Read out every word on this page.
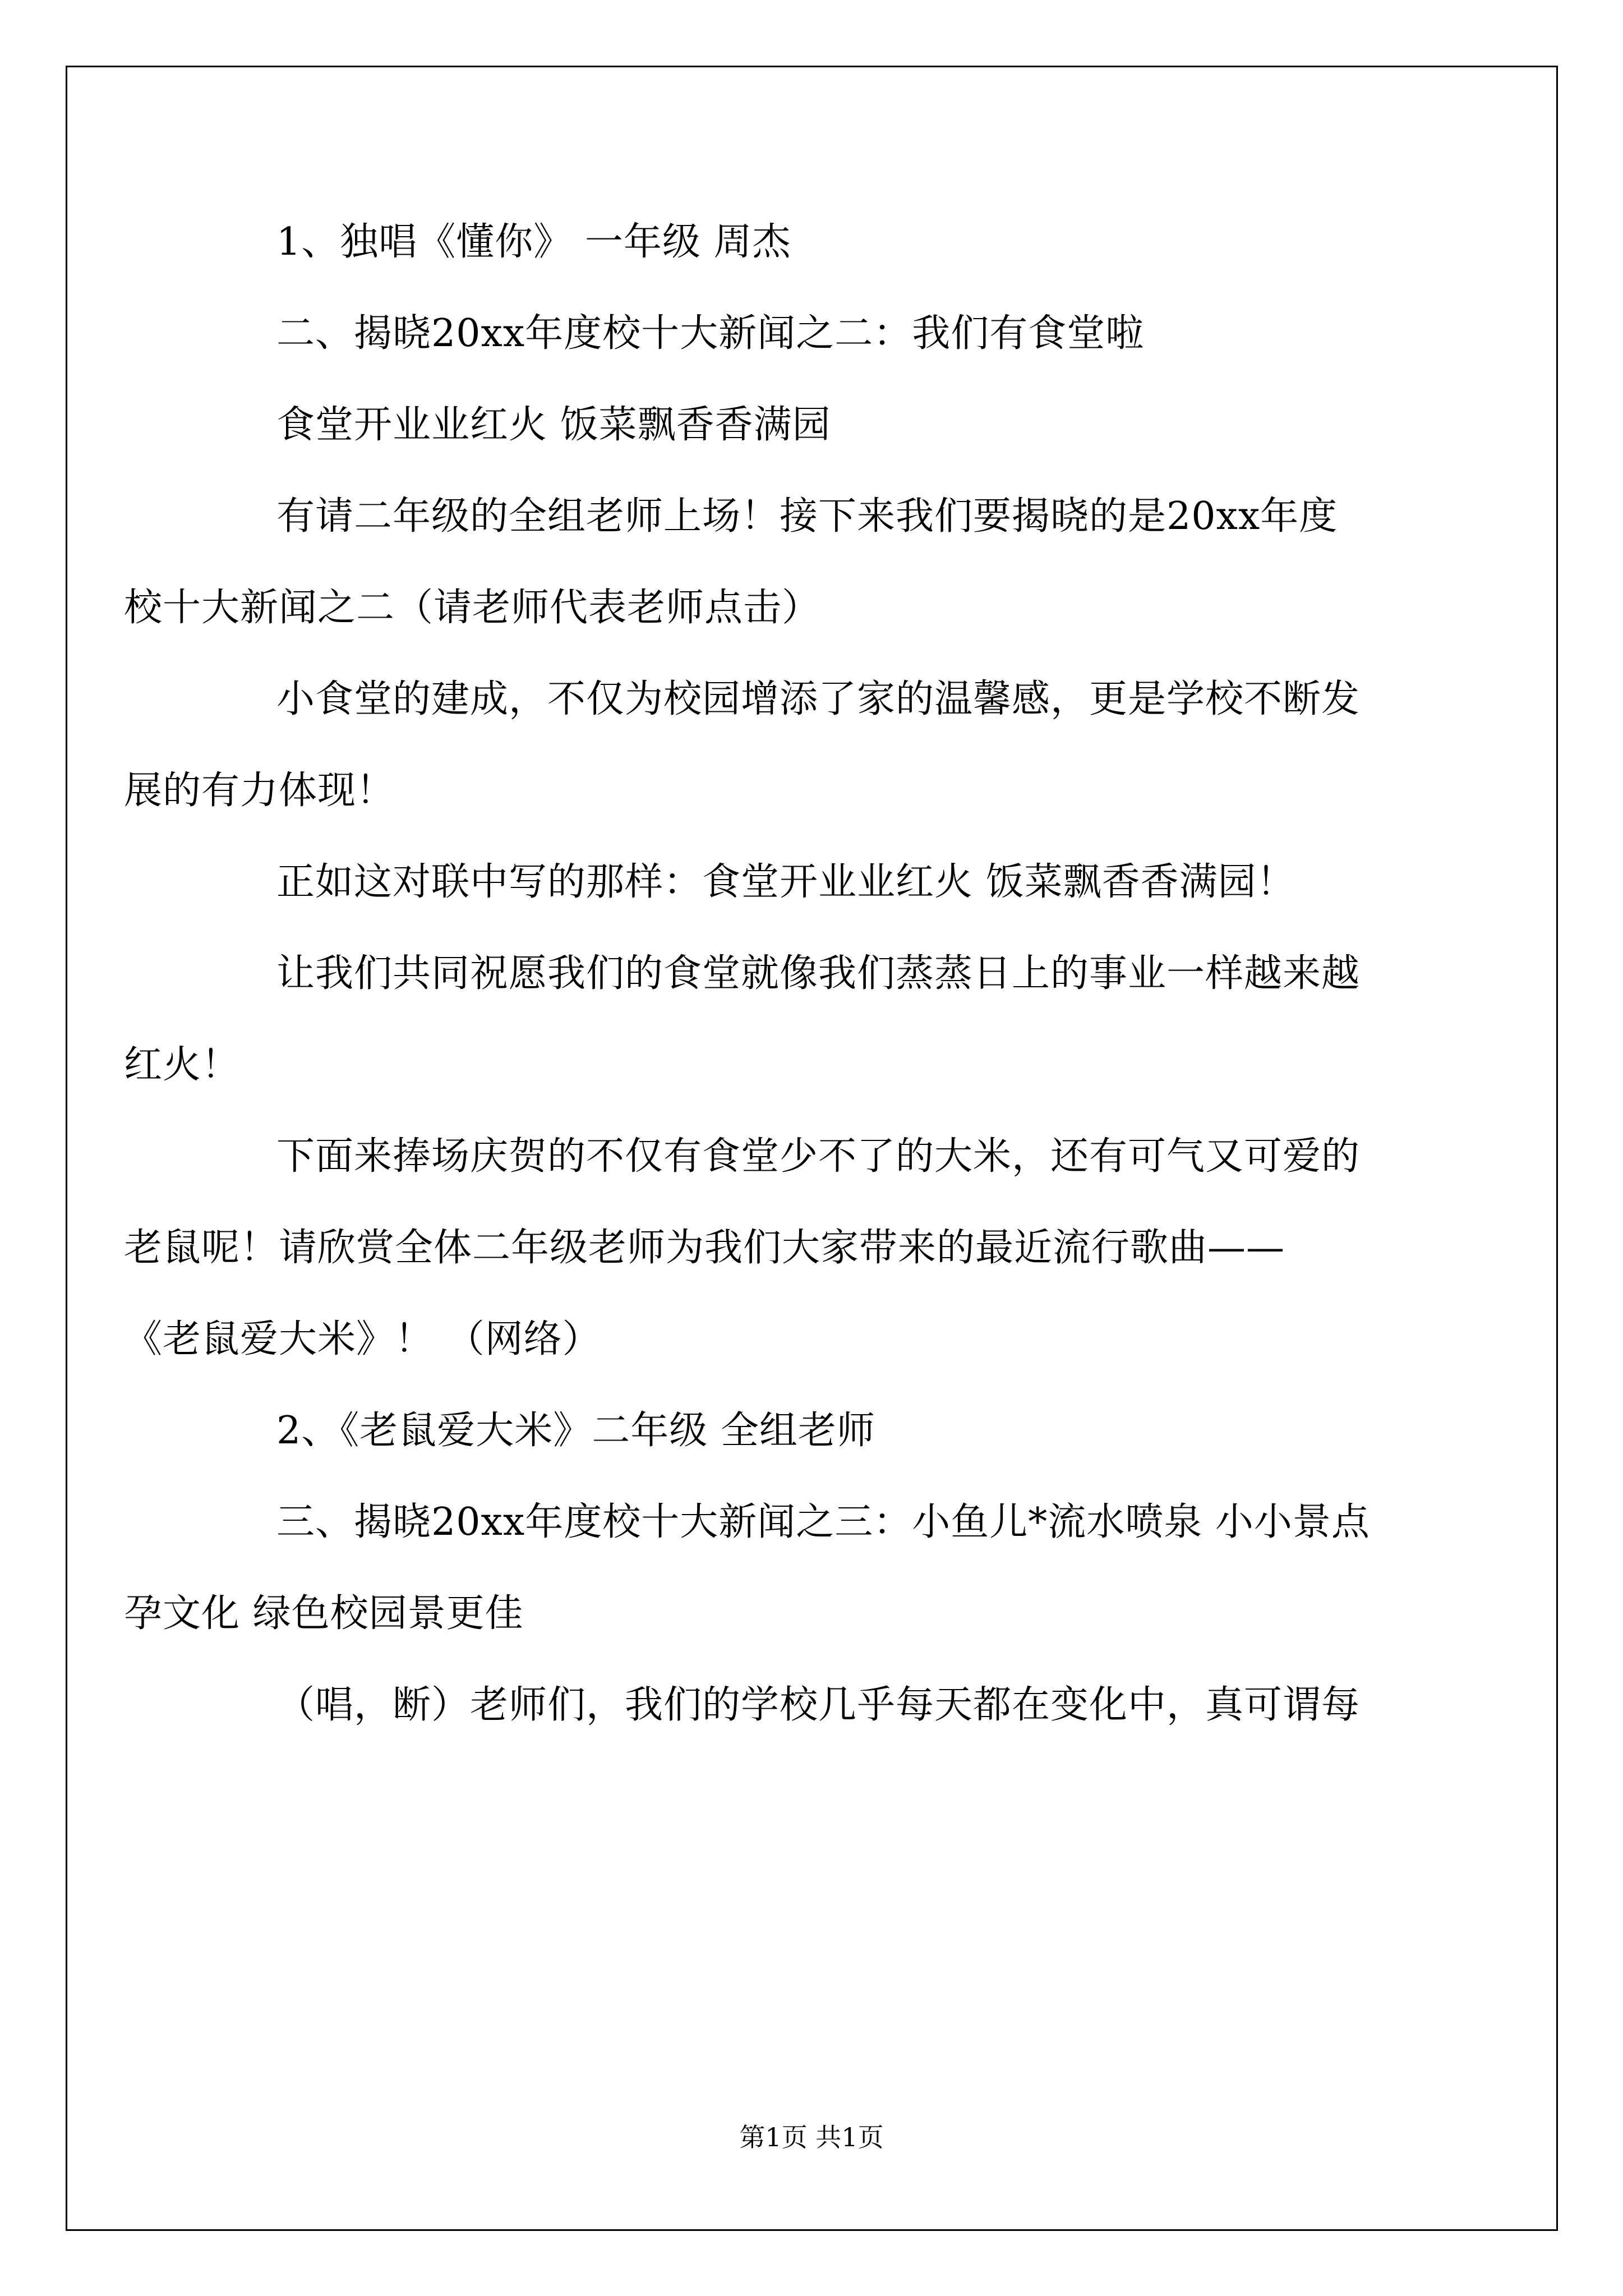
1、独唱《懂你》 一年级 周杰

二、揭晓20xx年度校十大新闻之二：我们有食堂啦

食堂开业业红火 饭菜飘香香满园

有请二年级的全组老师上场！接下来我们要揭晓的是20xx年度
校十大新闻之二（请老师代表老师点击）

小食堂的建成，不仅为校园增添了家的温馨感，更是学校不断发
展的有力体现！

正如这对联中写的那样：食堂开业业红火 饭菜飘香香满园！

让我们共同祝愿我们的食堂就像我们蒸蒸日上的事业一样越来越
红火！

下面来捧场庆贺的不仅有食堂少不了的大米，还有可气又可爱的
老鼠呢！请欣赏全体二年级老师为我们大家带来的最近流行歌曲——
《老鼠爱大米》！ （网络）

2、《老鼠爱大米》二年级 全组老师

三、揭晓20xx年度校十大新闻之三：小鱼儿*流水喷泉 小小景点
孕文化 绿色校园景更佳

（唱，断）老师们，我们的学校几乎每天都在变化中，真可谓每

第1页 共1页
